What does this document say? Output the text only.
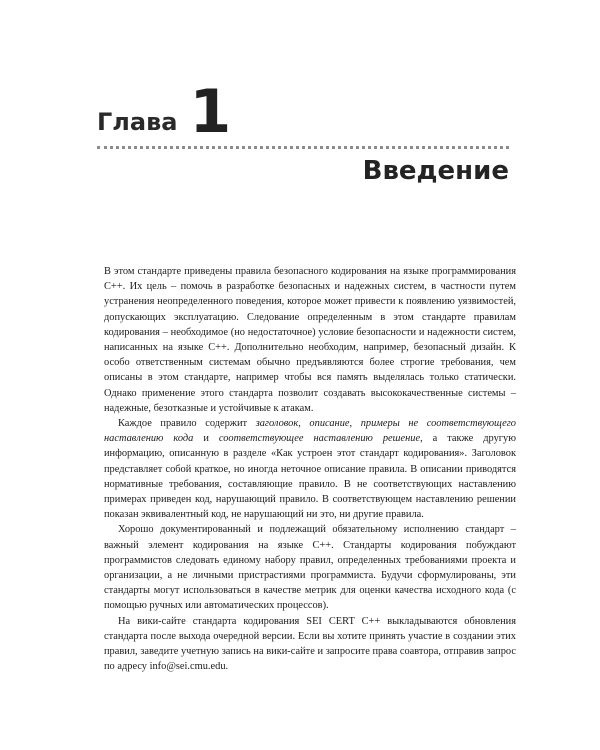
Глава 1
Введение

В этом стандарте приведены правила безопасного кодирования на языке программирования C++. Их цель – помочь в разработке безопасных и надежных систем, в частности путем устранения неопределенного поведения, которое может привести к появлению уязвимостей, допускающих эксплуатацию. Следование определенным в этом стандарте правилам кодирования – необходимое (но недостаточное) условие безопасности и надежности систем, написанных на языке C++. Дополнительно необходим, например, безопасный дизайн. К особо ответственным системам обычно предъявляются более строгие требования, чем описаны в этом стандарте, например чтобы вся память выделялась только статически. Однако применение этого стандарта позволит создавать высококачественные системы – надежные, безотказные и устойчивые к атакам.

Каждое правило содержит заголовок, описание, примеры не соответствующего наставлению кода и соответствующее наставлению решение, а также другую информацию, описанную в разделе «Как устроен этот стандарт кодирования». Заголовок представляет собой краткое, но иногда неточное описание правила. В описании приводятся нормативные требования, составляющие правило. В не соответствующих наставлению примерах приведен код, нарушающий правило. В соответствующем наставлению решении показан эквивалентный код, не нарушающий ни это, ни другие правила.

Хорошо документированный и подлежащий обязательному исполнению стандарт – важный элемент кодирования на языке C++. Стандарты кодирования побуждают программистов следовать единому набору правил, определенных требованиями проекта и организации, а не личными пристрастиями программиста. Будучи сформулированы, эти стандарты могут использоваться в качестве метрик для оценки качества исходного кода (с помощью ручных или автоматических процессов).

На вики-сайте стандарта кодирования SEI CERT C++ выкладываются обновления стандарта после выхода очередной версии. Если вы хотите принять участие в создании этих правил, заведите учетную запись на вики-сайте и запросите права соавтора, отправив запрос по адресу info@sei.cmu.edu.
